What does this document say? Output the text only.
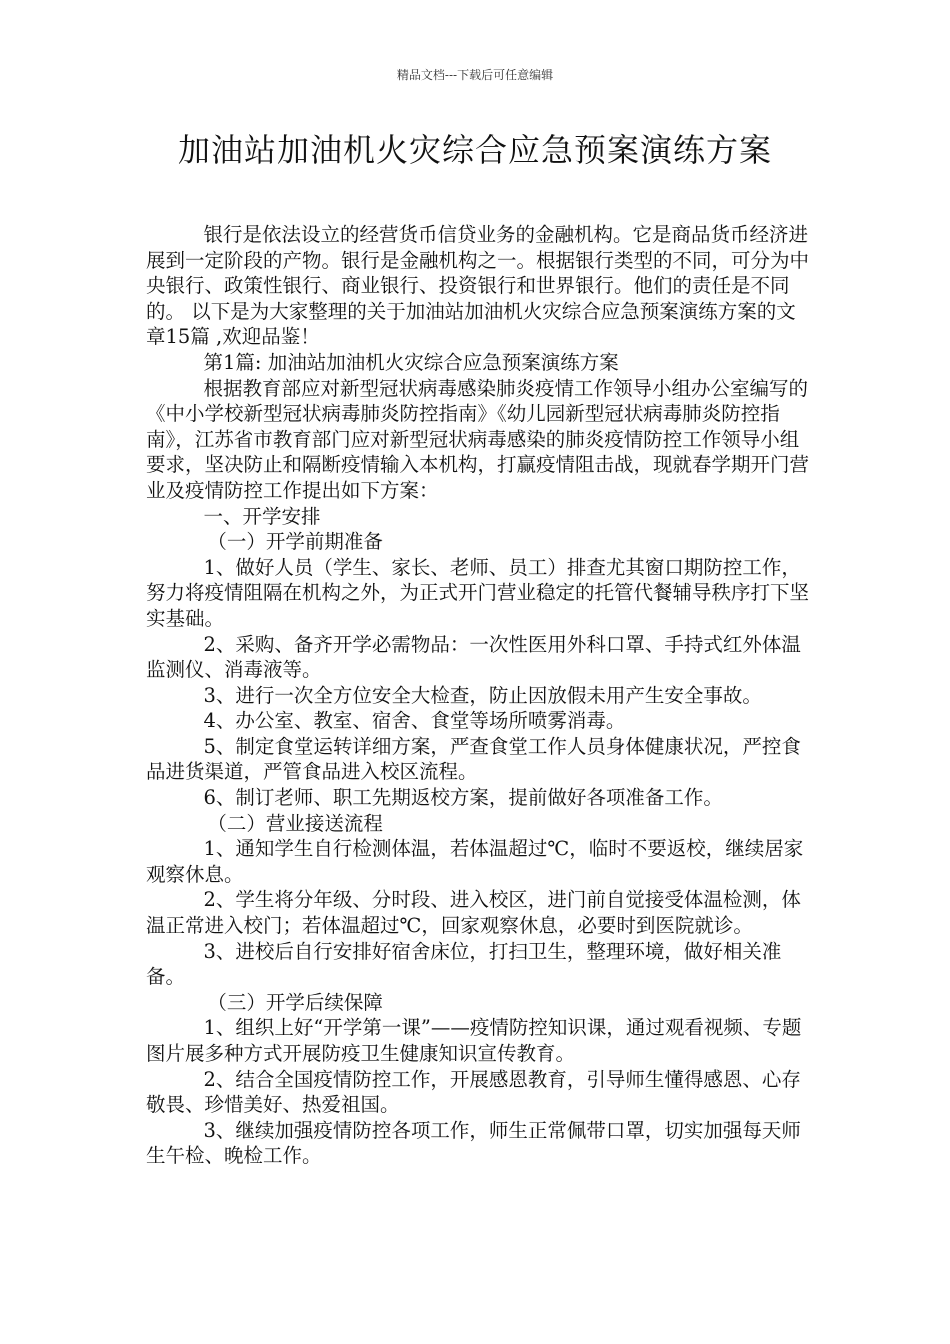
精品文档---下载后可任意编辑
加油站加油机火灾综合应急预案演练方案

银行是依法设立的经营货币信贷业务的金融机构。它是商品货币经济进展到一定阶段的产物。银行是金融机构之一。根据银行类型的不同，可分为中央银行、政策性银行、商业银行、投资银行和世界银行。他们的责任是不同的。 以下是为大家整理的关于加油站加油机火灾综合应急预案演练方案的文章15篇 ,欢迎品鉴！

第1篇: 加油站加油机火灾综合应急预案演练方案

根据教育部应对新型冠状病毒感染肺炎疫情工作领导小组办公室编写的《中小学校新型冠状病毒肺炎防控指南》《幼儿园新型冠状病毒肺炎防控指南》，江苏省市教育部门应对新型冠状病毒感染的肺炎疫情防控工作领导小组要求，坚决防止和隔断疫情输入本机构，打赢疫情阻击战，现就春学期开门营业及疫情防控工作提出如下方案：

一、开学安排

（一）开学前期准备

1、做好人员（学生、家长、老师、员工）排查尤其窗口期防控工作，努力将疫情阻隔在机构之外，为正式开门营业稳定的托管代餐辅导秩序打下坚实基础。

2、采购、备齐开学必需物品：一次性医用外科口罩、手持式红外体温监测仪、消毒液等。

3、进行一次全方位安全大检查，防止因放假未用产生安全事故。

4、办公室、教室、宿舍、食堂等场所喷雾消毒。

5、制定食堂运转详细方案，严查食堂工作人员身体健康状况，严控食品进货渠道，严管食品进入校区流程。

6、制订老师、职工先期返校方案，提前做好各项准备工作。

（二）营业接送流程

1、通知学生自行检测体温，若体温超过℃，临时不要返校，继续居家观察休息。

2、学生将分年级、分时段、进入校区，进门前自觉接受体温检测，体温正常进入校门；若体温超过℃，回家观察休息，必要时到医院就诊。

3、进校后自行安排好宿舍床位，打扫卫生，整理环境，做好相关准备。

（三）开学后续保障

1、组织上好“开学第一课”——疫情防控知识课，通过观看视频、专题图片展多种方式开展防疫卫生健康知识宣传教育。

2、结合全国疫情防控工作，开展感恩教育，引导师生懂得感恩、心存敬畏、珍惜美好、热爱祖国。

3、继续加强疫情防控各项工作，师生正常佩带口罩，切实加强每天师生午检、晚检工作。
